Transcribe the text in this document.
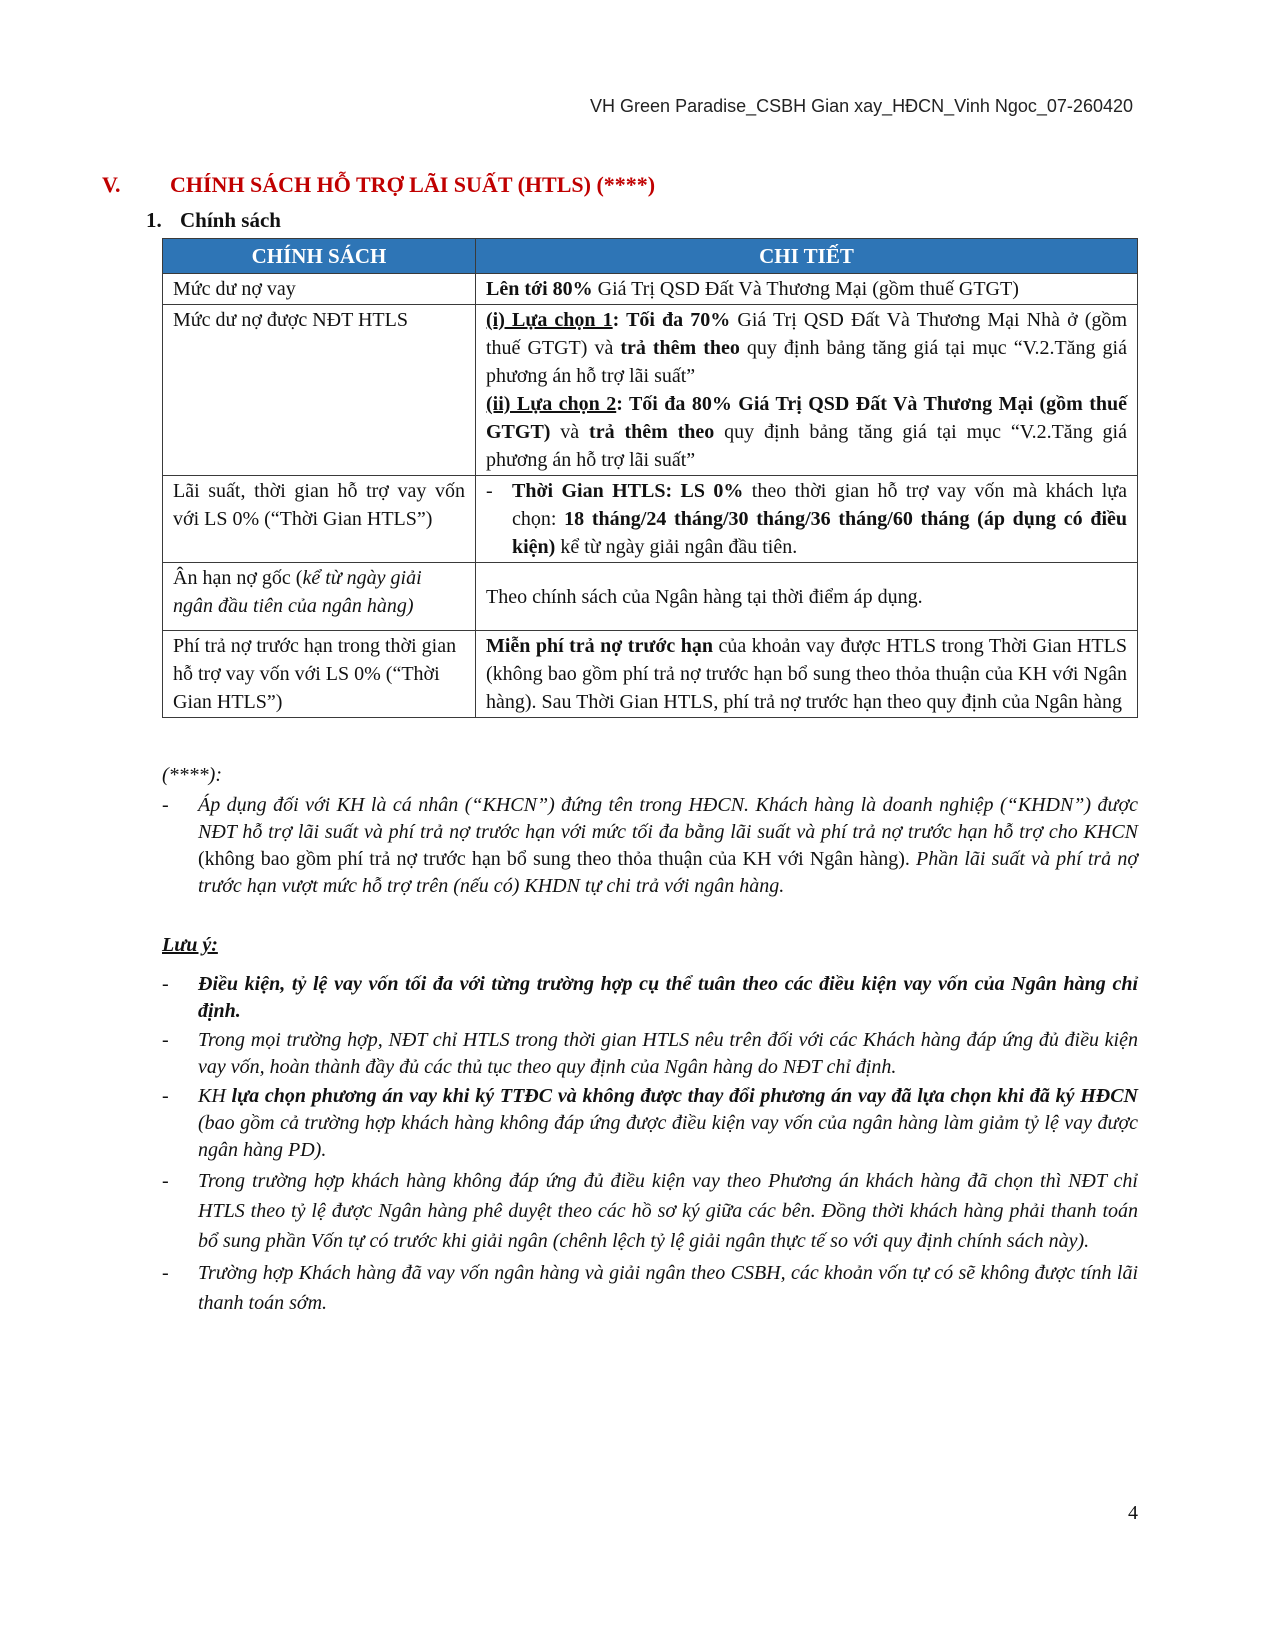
VH Green Paradise_CSBH Gian xay_HĐCN_Vinh Ngoc_07-260420
V. CHÍNH SÁCH HỖ TRỢ LÃI SUẤT (HTLS) (****)
1. Chính sách
CHÍNH SÁCH	CHI TIẾT
Mức dư nợ vay	Lên tới 80% Giá Trị QSD Đất Và Thương Mại (gồm thuế GTGT)
Mức dư nợ được NĐT HTLS	(i) Lựa chọn 1: Tối đa 70% Giá Trị QSD Đất Và Thương Mại Nhà ở (gồm thuế GTGT) và trả thêm theo quy định bảng tăng giá tại mục “V.2.Tăng giá phương án hỗ trợ lãi suất”
(ii) Lựa chọn 2: Tối đa 80% Giá Trị QSD Đất Và Thương Mại (gồm thuế GTGT) và trả thêm theo quy định bảng tăng giá tại mục “V.2.Tăng giá phương án hỗ trợ lãi suất”

Lãi suất, thời gian hỗ trợ vay vốn với LS 0% (“Thời Gian HTLS”)	- Thời Gian HTLS: LS 0% theo thời gian hỗ trợ vay vốn mà khách lựa chọn: 18 tháng/24 tháng/30 tháng/36 tháng/60 tháng (áp dụng có điều kiện) kể từ ngày giải ngân đầu tiên.

Ân hạn nợ gốc (kể từ ngày giải ngân đầu tiên của ngân hàng)	Theo chính sách của Ngân hàng tại thời điểm áp dụng.
Phí trả nợ trước hạn trong thời gian hỗ trợ vay vốn với LS 0% (“Thời Gian HTLS”)	Miễn phí trả nợ trước hạn của khoản vay được HTLS trong Thời Gian HTLS (không bao gồm phí trả nợ trước hạn bổ sung theo thỏa thuận của KH với Ngân hàng). Sau Thời Gian HTLS, phí trả nợ trước hạn theo quy định của Ngân hàng
(****):
-	Áp dụng đối với KH là cá nhân (“KHCN”) đứng tên trong HĐCN. Khách hàng là doanh nghiệp (“KHDN”) được NĐT hỗ trợ lãi suất và phí trả nợ trước hạn với mức tối đa bằng lãi suất và phí trả nợ trước hạn hỗ trợ cho KHCN (không bao gồm phí trả nợ trước hạn bổ sung theo thỏa thuận của KH với Ngân hàng). Phần lãi suất và phí trả nợ trước hạn vượt mức hỗ trợ trên (nếu có) KHDN tự chi trả với ngân hàng.
Lưu ý:
-	Điều kiện, tỷ lệ vay vốn tối đa với từng trường hợp cụ thể tuân theo các điều kiện vay vốn của Ngân hàng chỉ định.
-	Trong mọi trường hợp, NĐT chỉ HTLS trong thời gian HTLS nêu trên đối với các Khách hàng đáp ứng đủ điều kiện vay vốn, hoàn thành đầy đủ các thủ tục theo quy định của Ngân hàng do NĐT chỉ định.
-	KH lựa chọn phương án vay khi ký TTĐC và không được thay đổi phương án vay đã lựa chọn khi đã ký HĐCN (bao gồm cả trường hợp khách hàng không đáp ứng được điều kiện vay vốn của ngân hàng làm giảm tỷ lệ vay được ngân hàng PD).
-	Trong trường hợp khách hàng không đáp ứng đủ điều kiện vay theo Phương án khách hàng đã chọn thì NĐT chỉ HTLS theo tỷ lệ được Ngân hàng phê duyệt theo các hồ sơ ký giữa các bên. Đồng thời khách hàng phải thanh toán bổ sung phần Vốn tự có trước khi giải ngân (chênh lệch tỷ lệ giải ngân thực tế so với quy định chính sách này).
-	Trường hợp Khách hàng đã vay vốn ngân hàng và giải ngân theo CSBH, các khoản vốn tự có sẽ không được tính lãi thanh toán sớm.
4
